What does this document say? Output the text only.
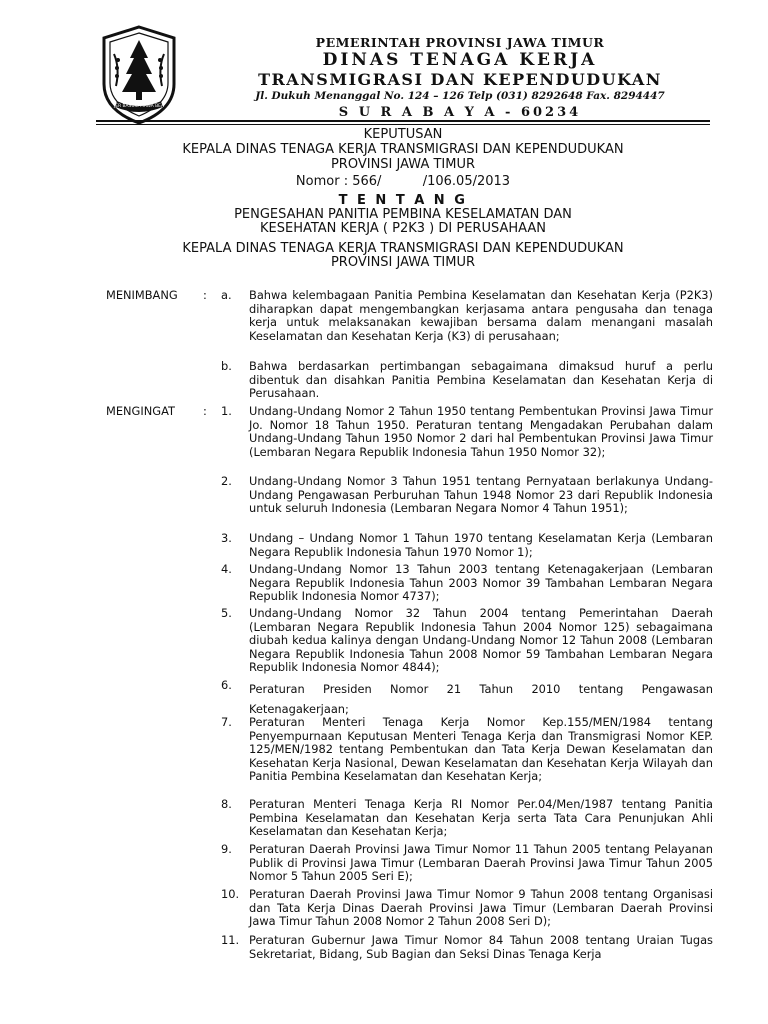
JER BASUKI MAWA BEA
PEMERINTAH PROVINSI JAWA TIMUR
DINAS TENAGA KERJA
TRANSMIGRASI DAN KEPENDUDUKAN
Jl. Dukuh Menanggal No. 124 – 126 Telp (031) 8292648 Fax. 8294447
S U R A B A Y A - 60234
KEPUTUSAN
KEPALA DINAS TENAGA KERJA TRANSMIGRASI DAN KEPENDUDUKAN
PROVINSI JAWA TIMUR
Nomor : 566/          /106.05/2013
T E N T A N G
PENGESAHAN PANITIA PEMBINA KESELAMATAN DAN
KESEHATAN KERJA ( P2K3 ) DI PERUSAHAAN
KEPALA DINAS TENAGA KERJA TRANSMIGRASI DAN KEPENDUDUKAN
PROVINSI JAWA TIMUR
MENIMBANG : a. Bahwa kelembagaan Panitia Pembina Keselamatan dan Kesehatan Kerja (P2K3) diharapkan dapat mengembangkan kerjasama antara pengusaha dan tenaga kerja untuk melaksanakan kewajiban bersama dalam menangani masalah Keselamatan dan Kesehatan Kerja (K3) di perusahaan;
b. Bahwa berdasarkan pertimbangan sebagaimana dimaksud huruf a perlu dibentuk dan disahkan Panitia Pembina Keselamatan dan Kesehatan Kerja di Perusahaan.
MENGINGAT : 1. Undang-Undang Nomor 2 Tahun 1950 tentang Pembentukan Provinsi Jawa Timur Jo. Nomor 18 Tahun 1950. Peraturan tentang Mengadakan Perubahan dalam Undang-Undang Tahun 1950 Nomor 2 dari hal Pembentukan Provinsi Jawa Timur (Lembaran Negara Republik Indonesia Tahun 1950 Nomor 32);
2. Undang-Undang Nomor 3 Tahun 1951 tentang Pernyataan berlakunya Undang-Undang Pengawasan Perburuhan Tahun 1948 Nomor 23 dari Republik Indonesia untuk seluruh Indonesia (Lembaran Negara Nomor 4 Tahun 1951);
3. Undang – Undang Nomor 1 Tahun 1970 tentang Keselamatan Kerja (Lembaran Negara Republik Indonesia Tahun 1970 Nomor 1);
4. Undang-Undang Nomor 13 Tahun 2003 tentang Ketenagakerjaan (Lembaran Negara Republik Indonesia Tahun 2003 Nomor 39 Tambahan Lembaran Negara Republik Indonesia Nomor 4737);
5. Undang-Undang Nomor 32 Tahun 2004 tentang Pemerintahan Daerah (Lembaran Negara Republik Indonesia Tahun 2004 Nomor 125) sebagaimana diubah kedua kalinya dengan Undang-Undang Nomor 12 Tahun 2008 (Lembaran Negara Republik Indonesia Tahun 2008 Nomor 59 Tambahan Lembaran Negara Republik Indonesia Nomor 4844);
6. Peraturan Presiden Nomor 21 Tahun 2010 tentang Pengawasan Ketenagakerjaan;
7. Peraturan Menteri Tenaga Kerja Nomor Kep.155/MEN/1984 tentang Penyempurnaan Keputusan Menteri Tenaga Kerja dan Transmigrasi Nomor KEP. 125/MEN/1982 tentang Pembentukan dan Tata Kerja Dewan Keselamatan dan Kesehatan Kerja Nasional, Dewan Keselamatan dan Kesehatan Kerja Wilayah dan Panitia Pembina Keselamatan dan Kesehatan Kerja;
8. Peraturan Menteri Tenaga Kerja RI Nomor Per.04/Men/1987 tentang Panitia Pembina Keselamatan dan Kesehatan Kerja serta Tata Cara Penunjukan Ahli Keselamatan dan Kesehatan Kerja;
9. Peraturan Daerah Provinsi Jawa Timur Nomor 11 Tahun 2005 tentang Pelayanan Publik di Provinsi Jawa Timur (Lembaran Daerah Provinsi Jawa Timur Tahun 2005 Nomor 5 Tahun 2005 Seri E);
10. Peraturan Daerah Provinsi Jawa Timur Nomor 9 Tahun 2008 tentang Organisasi dan Tata Kerja Dinas Daerah Provinsi Jawa Timur (Lembaran Daerah Provinsi Jawa Timur Tahun 2008 Nomor 2 Tahun 2008 Seri D);
11. Peraturan Gubernur Jawa Timur Nomor 84 Tahun 2008 tentang Uraian Tugas Sekretariat, Bidang, Sub Bagian dan Seksi Dinas Tenaga Kerja
